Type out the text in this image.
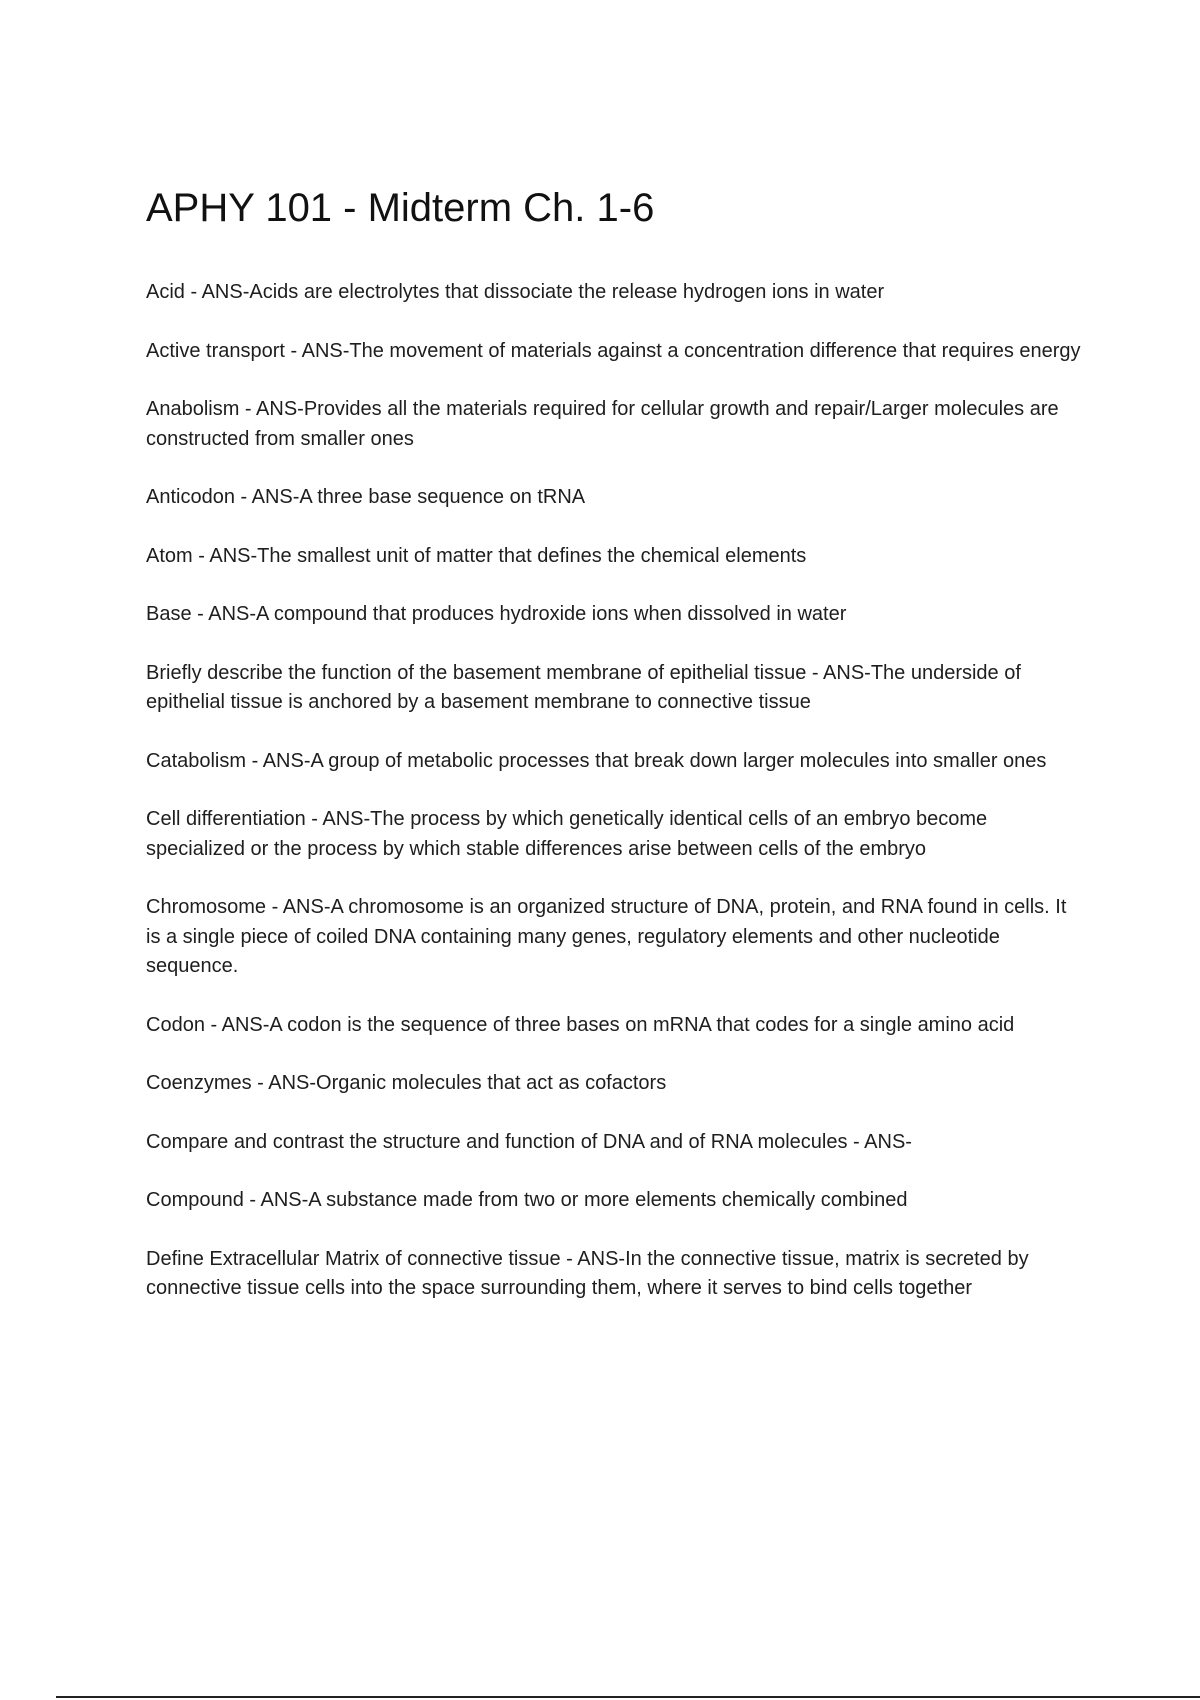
APHY 101 - Midterm Ch. 1-6
Acid - ANS-Acids are electrolytes that dissociate the release hydrogen ions in water
Active transport - ANS-The movement of materials against a concentration difference that requires energy
Anabolism - ANS-Provides all the materials required for cellular growth and repair/Larger molecules are constructed from smaller ones
Anticodon - ANS-A three base sequence on tRNA
Atom - ANS-The smallest unit of matter that defines the chemical elements
Base - ANS-A compound that produces hydroxide ions when dissolved in water
Briefly describe the function of the basement membrane of epithelial tissue - ANS-The underside of epithelial tissue is anchored by a basement membrane to connective tissue
Catabolism - ANS-A group of metabolic processes that break down larger molecules into smaller ones
Cell differentiation - ANS-The process by which genetically identical cells of an embryo become specialized or the process by which stable differences arise between cells of the embryo
Chromosome - ANS-A chromosome is an organized structure of DNA, protein, and RNA found in cells. It is a single piece of coiled DNA containing many genes, regulatory elements and other nucleotide sequence.
Codon - ANS-A codon is the sequence of three bases on mRNA that codes for a single amino acid
Coenzymes - ANS-Organic molecules that act as cofactors
Compare and contrast the structure and function of DNA and of RNA molecules - ANS-
Compound - ANS-A substance made from two or more elements chemically combined
Define Extracellular Matrix of connective tissue - ANS-In the connective tissue, matrix is secreted by connective tissue cells into the space surrounding them, where it serves to bind cells together
